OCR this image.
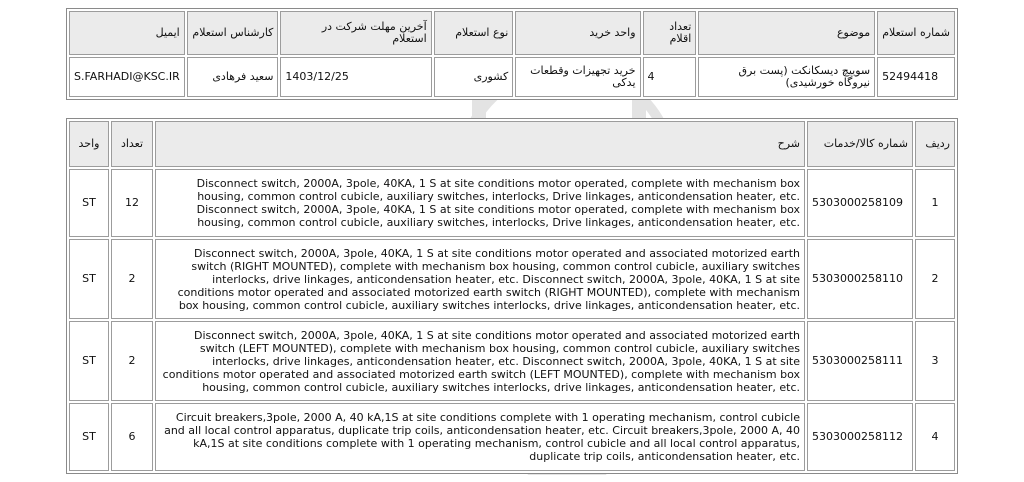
شماره استعلام	موضوع	تعداد اقلام	واحد خرید	نوع استعلام	آخرین مهلت شرکت در استعلام	کارشناس استعلام	ایمیل
52494418	سوییچ دیسکانکت (پست برق نیروگاه خورشیدی)	4	خرید تجهیزات وقطعات یدکی	کشوری	1403/12/25	سعید فرهادی	S.FARHADI@KSC.IR
ردیف	شماره کالا/خدمات	شرح	تعداد	واحد
1	5303000258109	Disconnect switch, 2000A, 3pole, 40KA, 1 S at site conditions motor operated, complete with mechanism box housing, common control cubicle, auxiliary switches, interlocks, Drive linkages, anticondensation heater, etc. Disconnect switch, 2000A, 3pole, 40KA, 1 S at site conditions motor operated, complete with mechanism box housing, common control cubicle, auxiliary switches, interlocks, Drive linkages, anticondensation heater, etc.	12	ST
2	5303000258110	Disconnect switch, 2000A, 3pole, 40KA, 1 S at site conditions motor operated and associated motorized earth switch (RIGHT MOUNTED), complete with mechanism box housing, common control cubicle, auxiliary switches interlocks, drive linkages, anticondensation heater, etc. Disconnect switch, 2000A, 3pole, 40KA, 1 S at site conditions motor operated and associated motorized earth switch (RIGHT MOUNTED), complete with mechanism box housing, common control cubicle, auxiliary switches interlocks, drive linkages, anticondensation heater, etc.	2	ST
3	5303000258111	Disconnect switch, 2000A, 3pole, 40KA, 1 S at site conditions motor operated and associated motorized earth switch (LEFT MOUNTED), complete with mechanism box housing, common control cubicle, auxiliary switches interlocks, drive linkages, anticondensation heater, etc. Disconnect switch, 2000A, 3pole, 40KA, 1 S at site conditions motor operated and associated motorized earth switch (LEFT MOUNTED), complete with mechanism box housing, common control cubicle, auxiliary switches interlocks, drive linkages, anticondensation heater, etc.	2	ST
4	5303000258112	Circuit breakers,3pole, 2000 A, 40 kA,1S at site conditions complete with 1 operating mechanism, control cubicle and all local control apparatus, duplicate trip coils, anticondensation heater, etc. Circuit breakers,3pole, 2000 A, 40 kA,1S at site conditions complete with 1 operating mechanism, control cubicle and all local control apparatus, duplicate trip coils, anticondensation heater, etc.	6	ST
